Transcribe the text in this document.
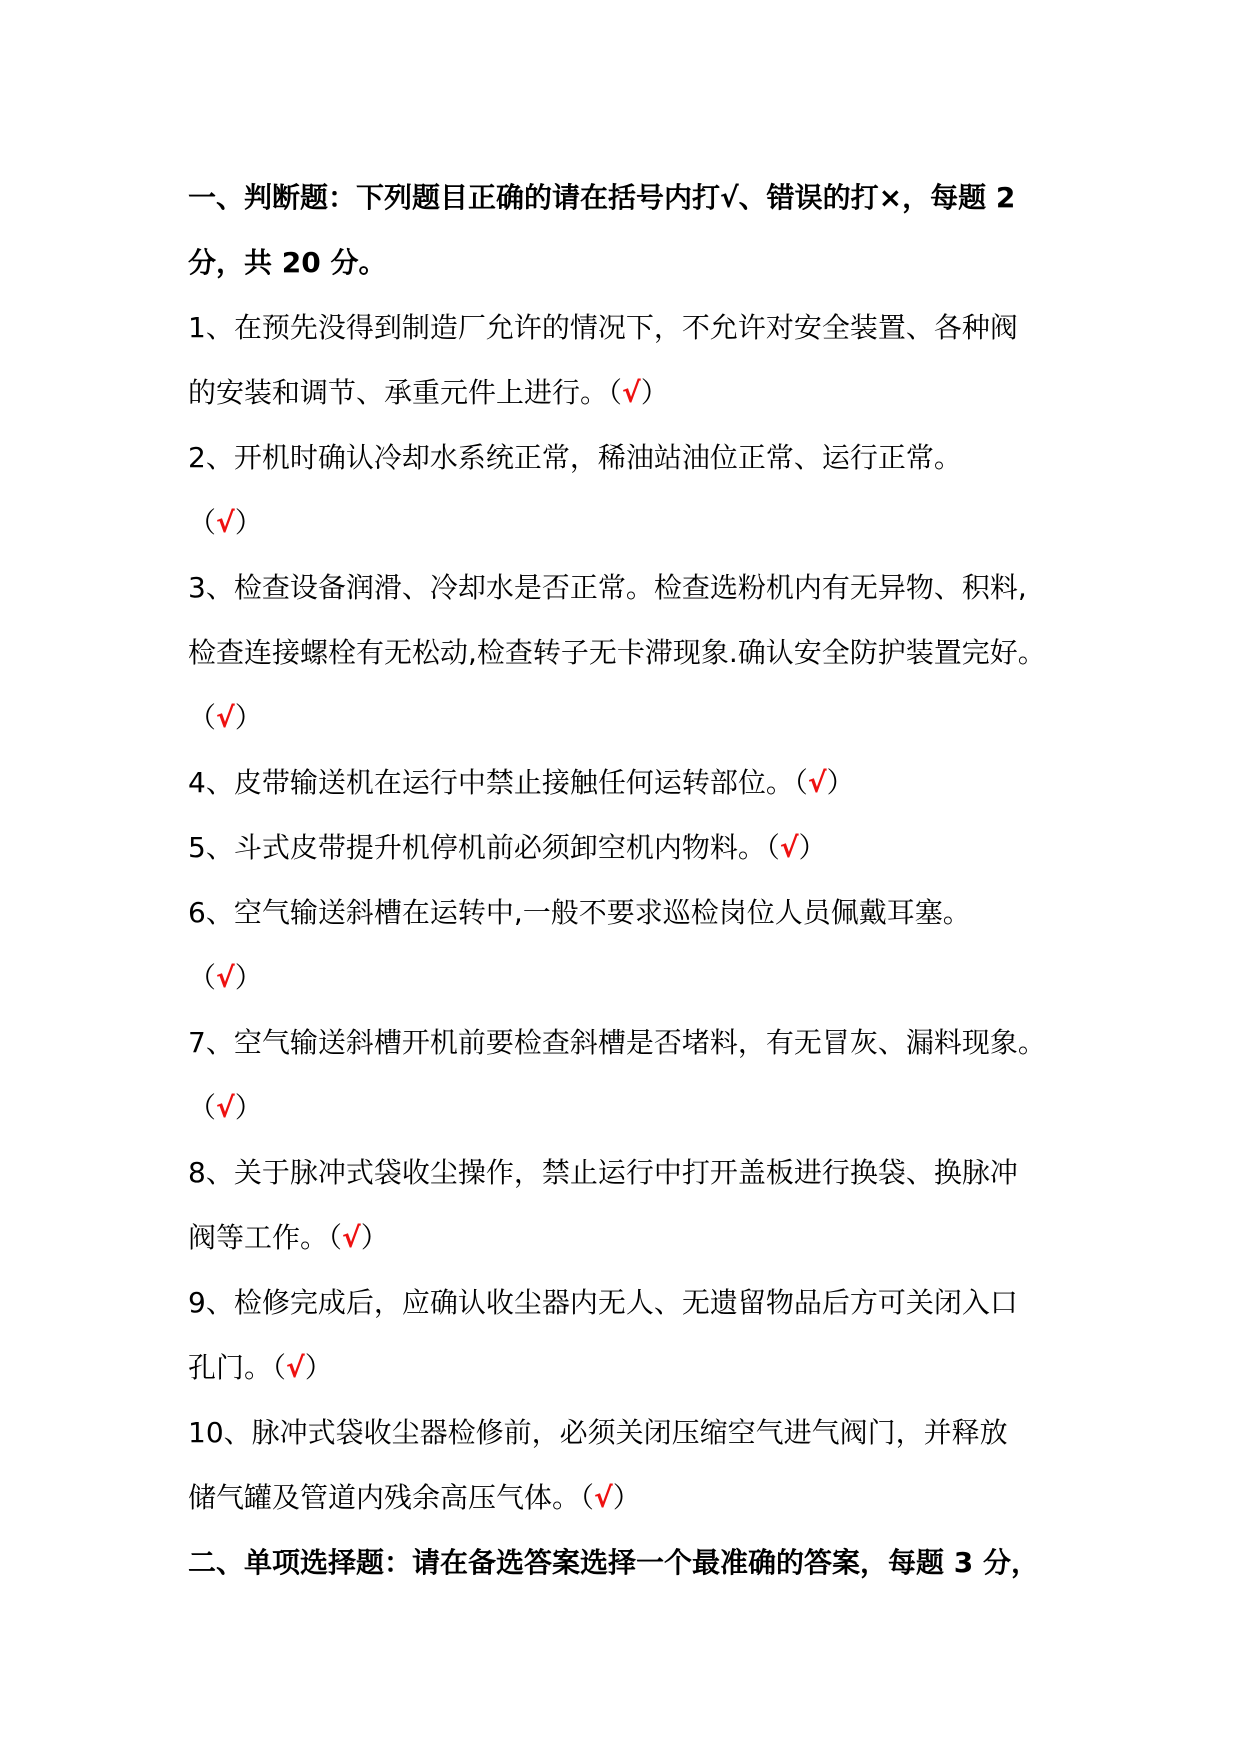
一、判断题：下列题目正确的请在括号内打√、错误的打×，每题 2
分，共 20 分。
1、在预先没得到制造厂允许的情况下，不允许对安全装置、各种阀
的安装和调节、承重元件上进行。（√）
2、开机时确认冷却水系统正常，稀油站油位正常、运行正常。
（√）
3、检查设备润滑、冷却水是否正常。检查选粉机内有无异物、积料,
检查连接螺栓有无松动,检查转子无卡滞现象.确认安全防护装置完好。
（√）
4、皮带输送机在运行中禁止接触任何运转部位。（√）
5、斗式皮带提升机停机前必须卸空机内物料。（√）
6、空气输送斜槽在运转中,一般不要求巡检岗位人员佩戴耳塞。
（√）
7、空气输送斜槽开机前要检查斜槽是否堵料，有无冒灰、漏料现象。
（√）
8、关于脉冲式袋收尘操作，禁止运行中打开盖板进行换袋、换脉冲
阀等工作。（√）
9、检修完成后，应确认收尘器内无人、无遗留物品后方可关闭入口
孔门。（√）
10、脉冲式袋收尘器检修前，必须关闭压缩空气进气阀门，并释放
储气罐及管道内残余高压气体。（√）
二、单项选择题：请在备选答案选择一个最准确的答案，每题 3 分，
